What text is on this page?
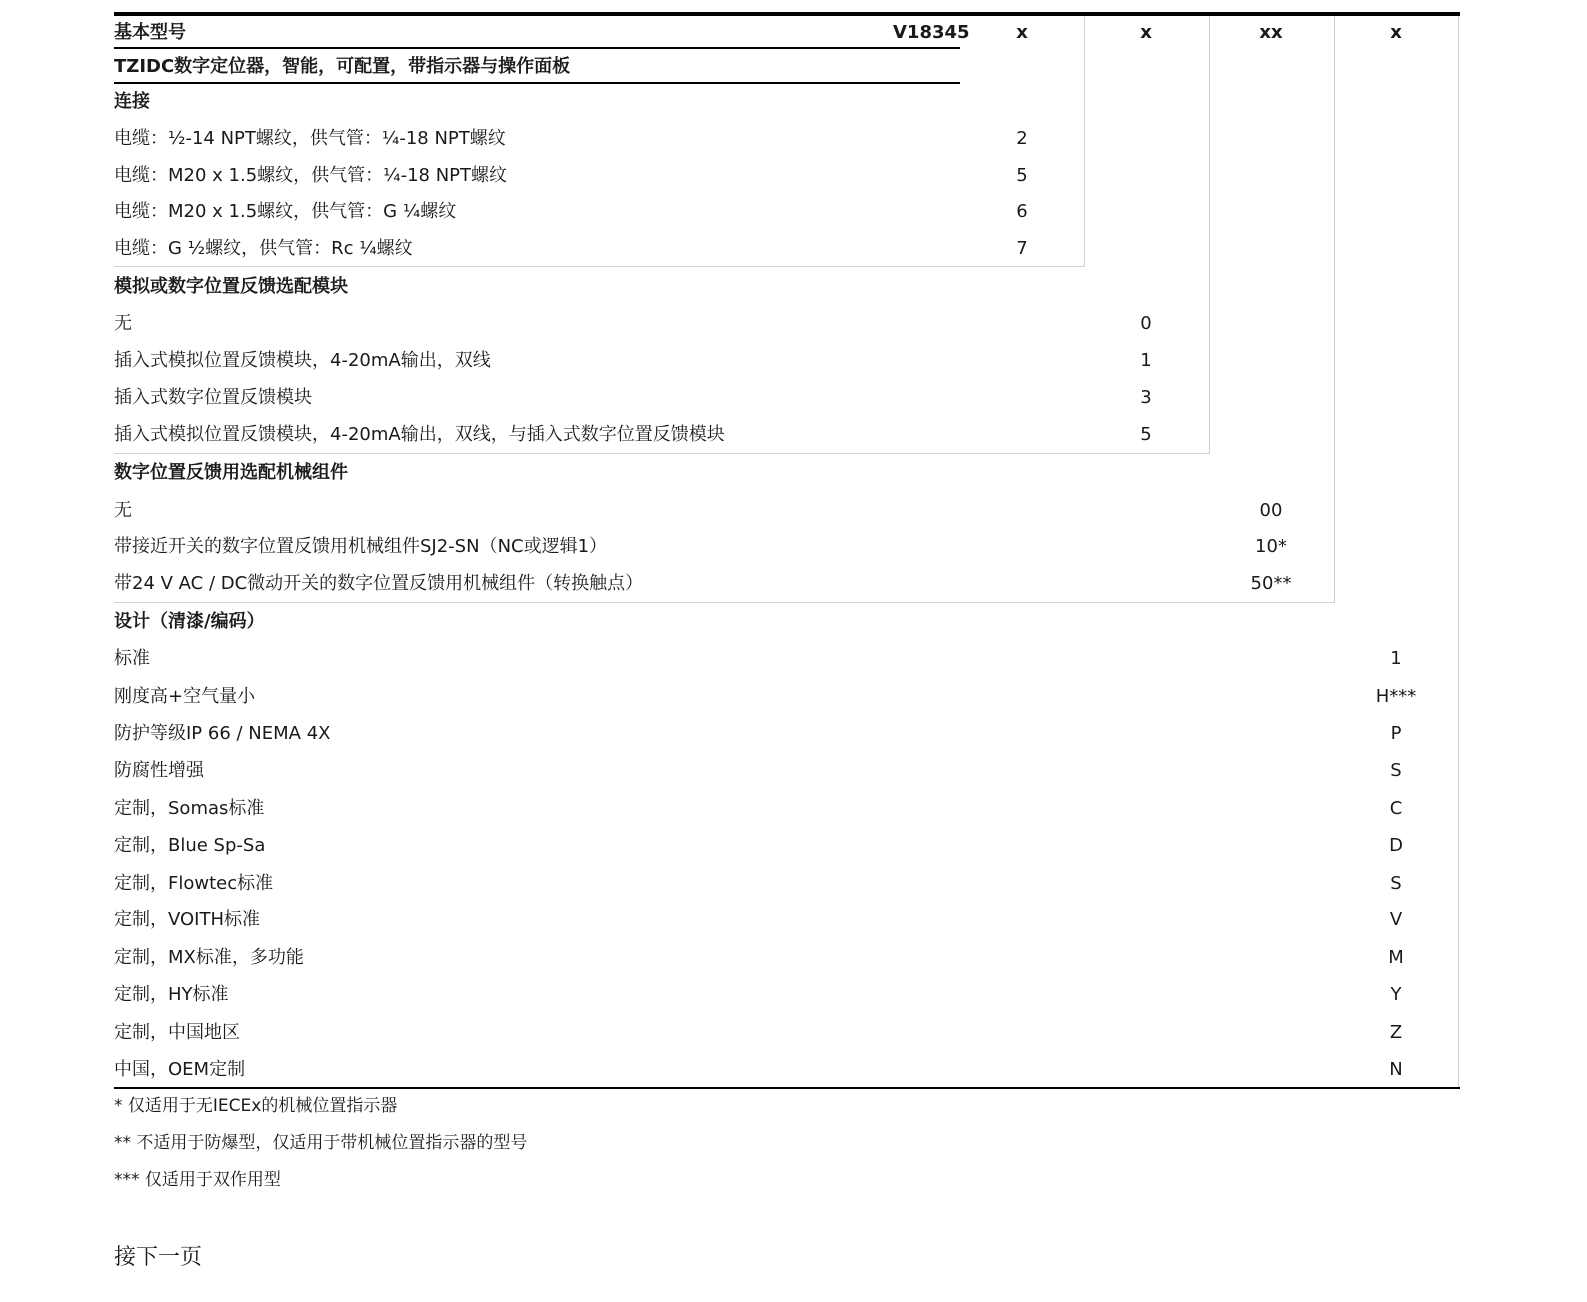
基本型号	V18345	x	x	xx	x
TZIDC数字定位器，智能，可配置，带指示器与操作面板
连接
电缆：½-14 NPT螺纹，供气管：¼-18 NPT螺纹	2
电缆：M20 x 1.5螺纹，供气管：¼-18 NPT螺纹	5
电缆：M20 x 1.5螺纹，供气管：G ¼螺纹	6
电缆：G ½螺纹，供气管：Rc ¼螺纹	7
模拟或数字位置反馈选配模块
无	0
插入式模拟位置反馈模块，4-20mA输出，双线	1
插入式数字位置反馈模块	3
插入式模拟位置反馈模块，4-20mA输出，双线，与插入式数字位置反馈模块	5
数字位置反馈用选配机械组件
无	00
带接近开关的数字位置反馈用机械组件SJ2-SN（NC或逻辑1）	10*
带24 V AC / DC微动开关的数字位置反馈用机械组件（转换触点）	50**
设计（清漆/编码）
标准	1
刚度高+空气量小	H***
防护等级IP 66 / NEMA 4X	P
防腐性增强	S
定制，Somas标准	C
定制，Blue Sp-Sa	D
定制，Flowtec标准	S
定制，VOITH标准	V
定制，MX标准，多功能	M
定制，HY标准	Y
定制，中国地区	Z
中国，OEM定制	N
* 仅适用于无IECEx的机械位置指示器
** 不适用于防爆型，仅适用于带机械位置指示器的型号
*** 仅适用于双作用型
接下一页
